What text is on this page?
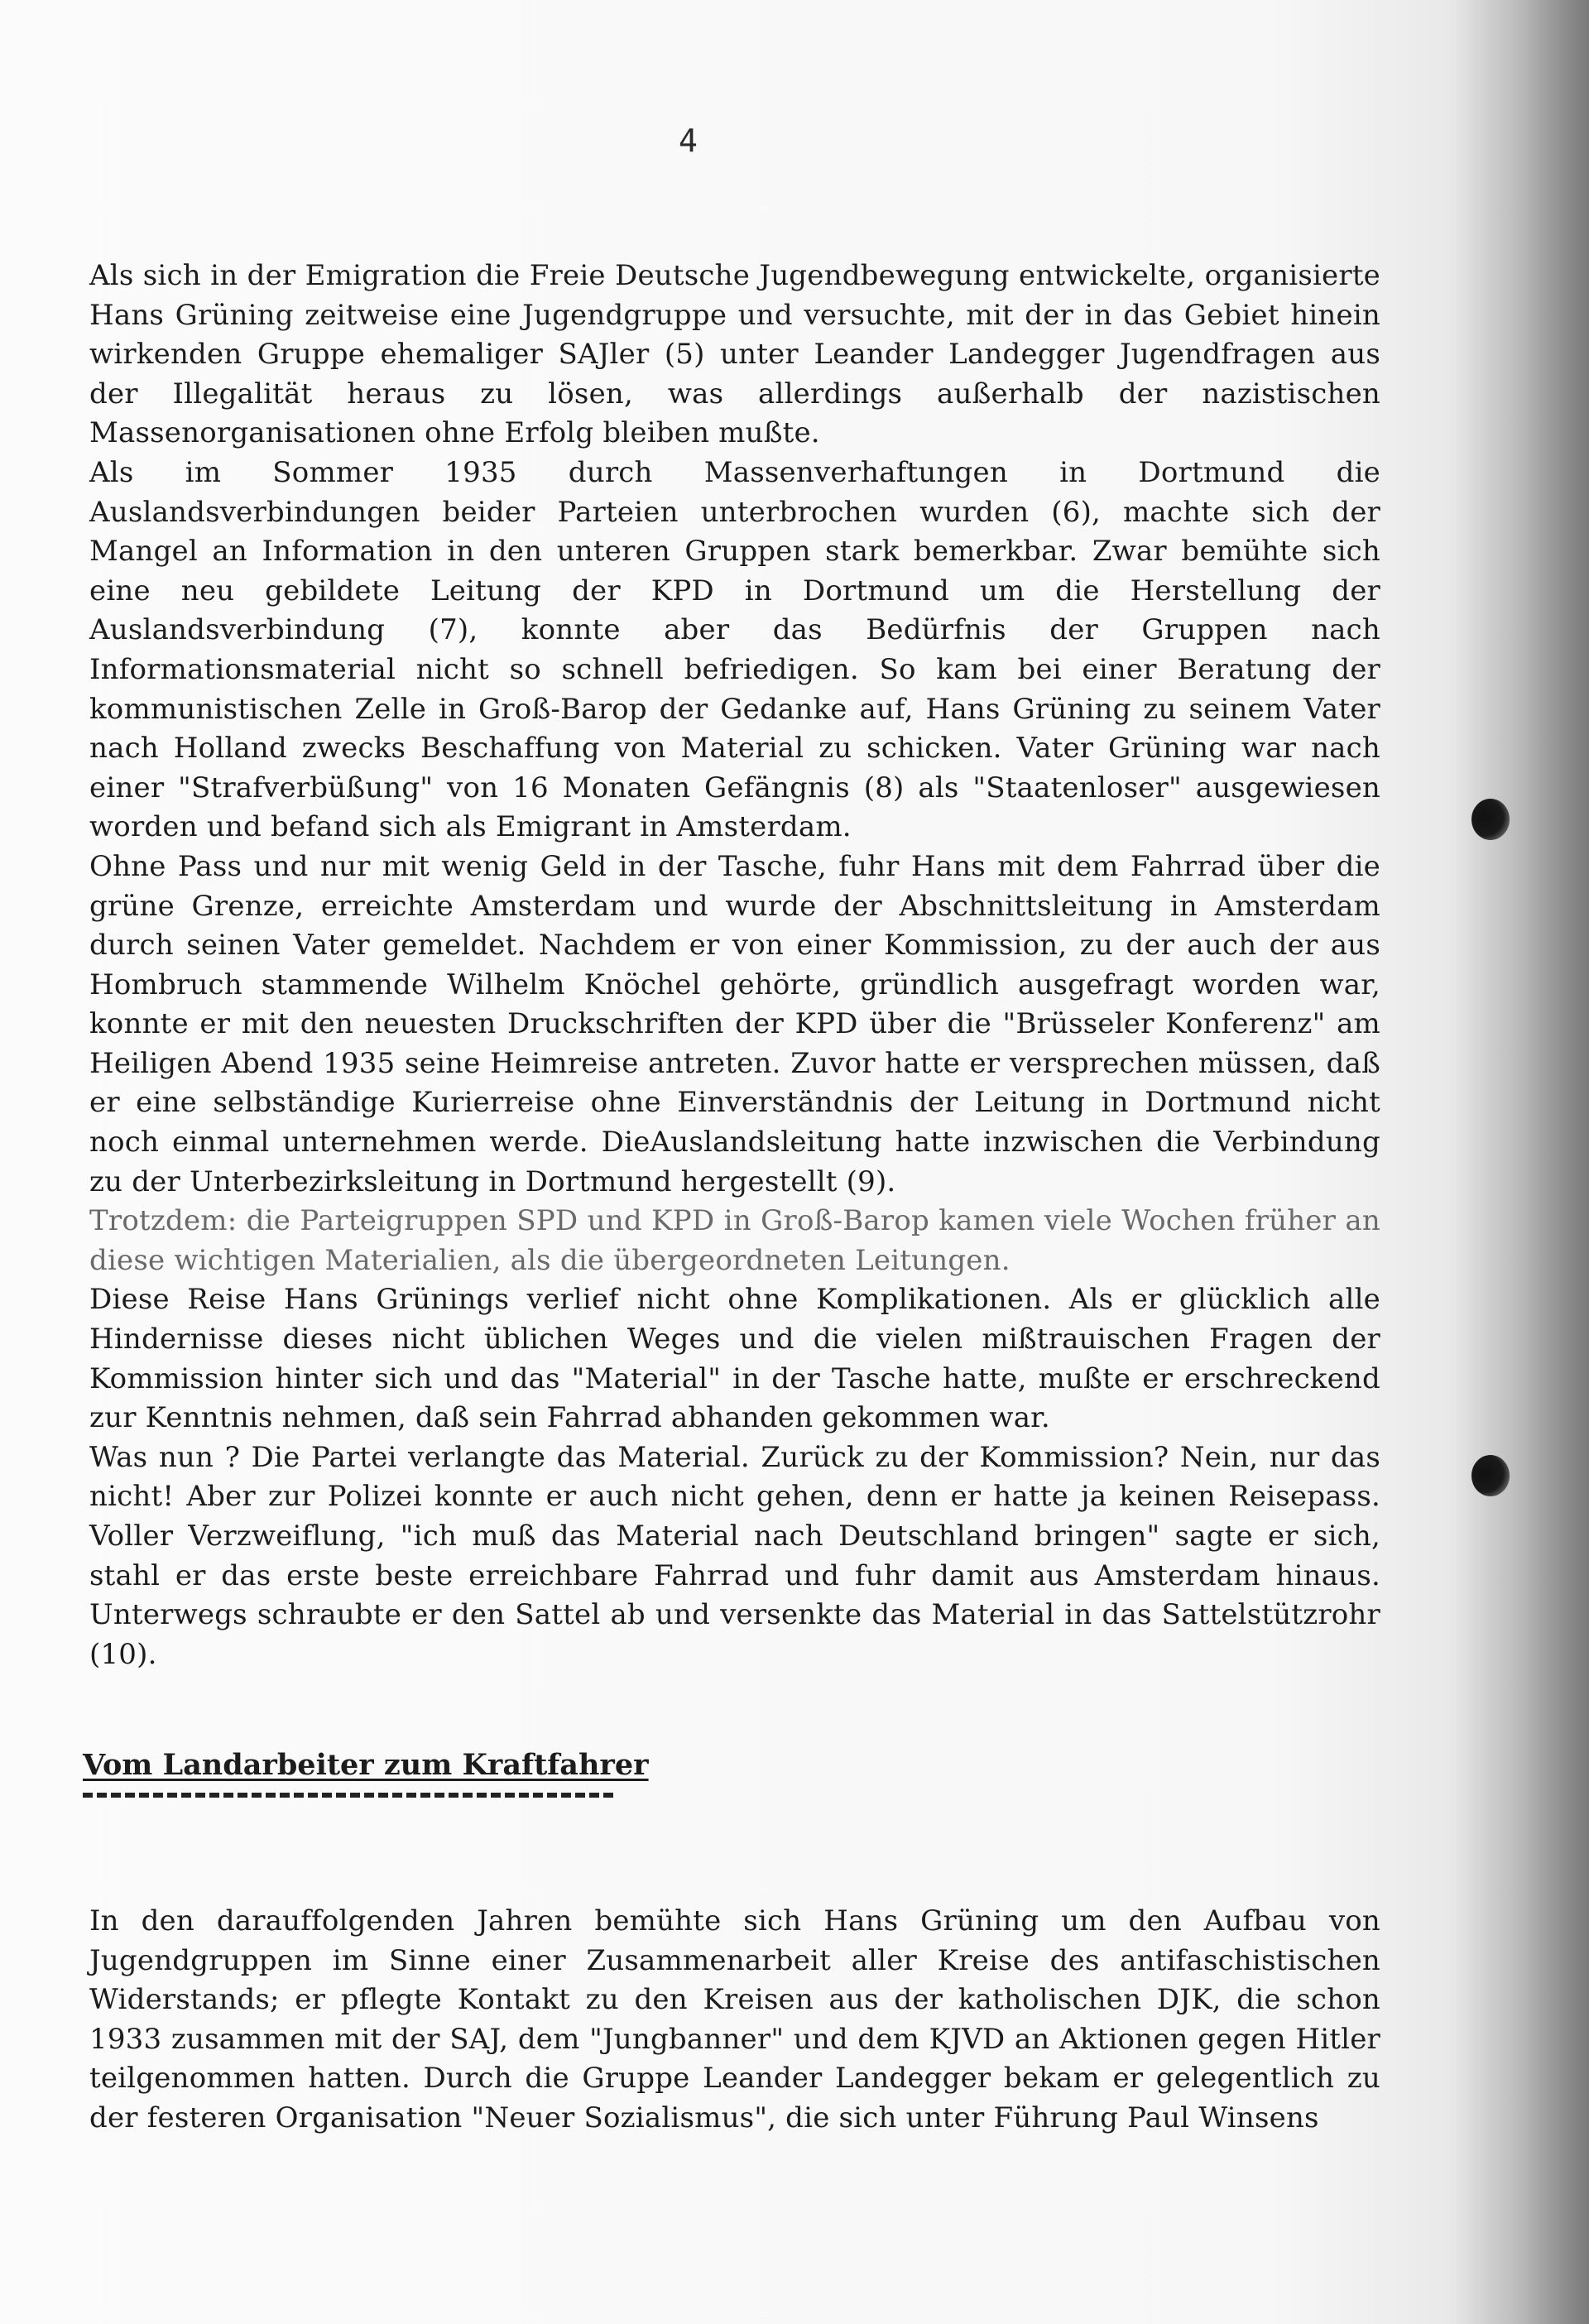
4

Als sich in der Emigration die Freie Deutsche Jugendbewegung entwickelte, organisierte Hans Grüning zeitweise eine Jugendgruppe und versuchte, mit der in das Gebiet hinein wirkenden Gruppe ehemaliger SAJler (5) unter Leander Landegger Jugendfragen aus der Illegalität heraus zu lösen, was allerdings außerhalb der nazistischen Massenorganisationen ohne Erfolg bleiben mußte.

Als im Sommer 1935 durch Massenverhaftungen in Dortmund die Auslandsverbindungen beider Parteien unterbrochen wurden (6), machte sich der Mangel an Information in den unteren Gruppen stark bemerkbar. Zwar bemühte sich eine neu gebildete Leitung der KPD in Dortmund um die Herstellung der Auslandsverbindung (7), konnte aber das Bedürfnis der Gruppen nach Informationsmaterial nicht so schnell befriedigen. So kam bei einer Beratung der kommunistischen Zelle in Groß-Barop der Gedanke auf, Hans Grüning zu seinem Vater nach Holland zwecks Beschaffung von Material zu schicken. Vater Grüning war nach einer "Strafverbüßung" von 16 Monaten Gefängnis (8) als "Staatenloser" ausgewiesen worden und befand sich als Emigrant in Amsterdam.

Ohne Pass und nur mit wenig Geld in der Tasche, fuhr Hans mit dem Fahrrad über die grüne Grenze, erreichte Amsterdam und wurde der Abschnittsleitung in Amsterdam durch seinen Vater gemeldet. Nachdem er von einer Kommission, zu der auch der aus Hombruch stammende Wilhelm Knöchel gehörte, gründlich ausgefragt worden war, konnte er mit den neuesten Druckschriften der KPD über die "Brüsseler Konferenz" am Heiligen Abend 1935 seine Heimreise antreten. Zuvor hatte er versprechen müssen, daß er eine selbständige Kurierreise ohne Einverständnis der Leitung in Dortmund nicht noch einmal unternehmen werde. DieAuslandsleitung hatte inzwischen die Verbindung zu der Unterbezirksleitung in Dortmund hergestellt (9).

Trotzdem: die Parteigruppen SPD und KPD in Groß-Barop kamen viele Wochen früher an diese wichtigen Materialien, als die übergeordneten Leitungen.

Diese Reise Hans Grünings verlief nicht ohne Komplikationen. Als er glücklich alle Hindernisse dieses nicht üblichen Weges und die vielen mißtrauischen Fragen der Kommission hinter sich und das "Material" in der Tasche hatte, mußte er erschreckend zur Kenntnis nehmen, daß sein Fahrrad abhanden gekommen war.

Was nun ? Die Partei verlangte das Material. Zurück zu der Kommission? Nein, nur das nicht! Aber zur Polizei konnte er auch nicht gehen, denn er hatte ja keinen Reisepass. Voller Verzweiflung, "ich muß das Material nach Deutschland bringen" sagte er sich, stahl er das erste beste erreichbare Fahrrad und fuhr damit aus Amsterdam hinaus. Unterwegs schraubte er den Sattel ab und versenkte das Material in das Sattelstützrohr (10).

Vom Landarbeiter zum Kraftfahrer

In den darauffolgenden Jahren bemühte sich Hans Grüning um den Aufbau von Jugendgruppen im Sinne einer Zusammenarbeit aller Kreise des antifaschistischen Widerstands; er pflegte Kontakt zu den Kreisen aus der katholischen DJK, die schon 1933 zusammen mit der SAJ, dem "Jungbanner" und dem KJVD an Aktionen gegen Hitler teilgenommen hatten. Durch die Gruppe Leander Landegger bekam er gelegentlich zu der festeren Organisation "Neuer Sozialismus", die sich unter Führung Paul Winsens
